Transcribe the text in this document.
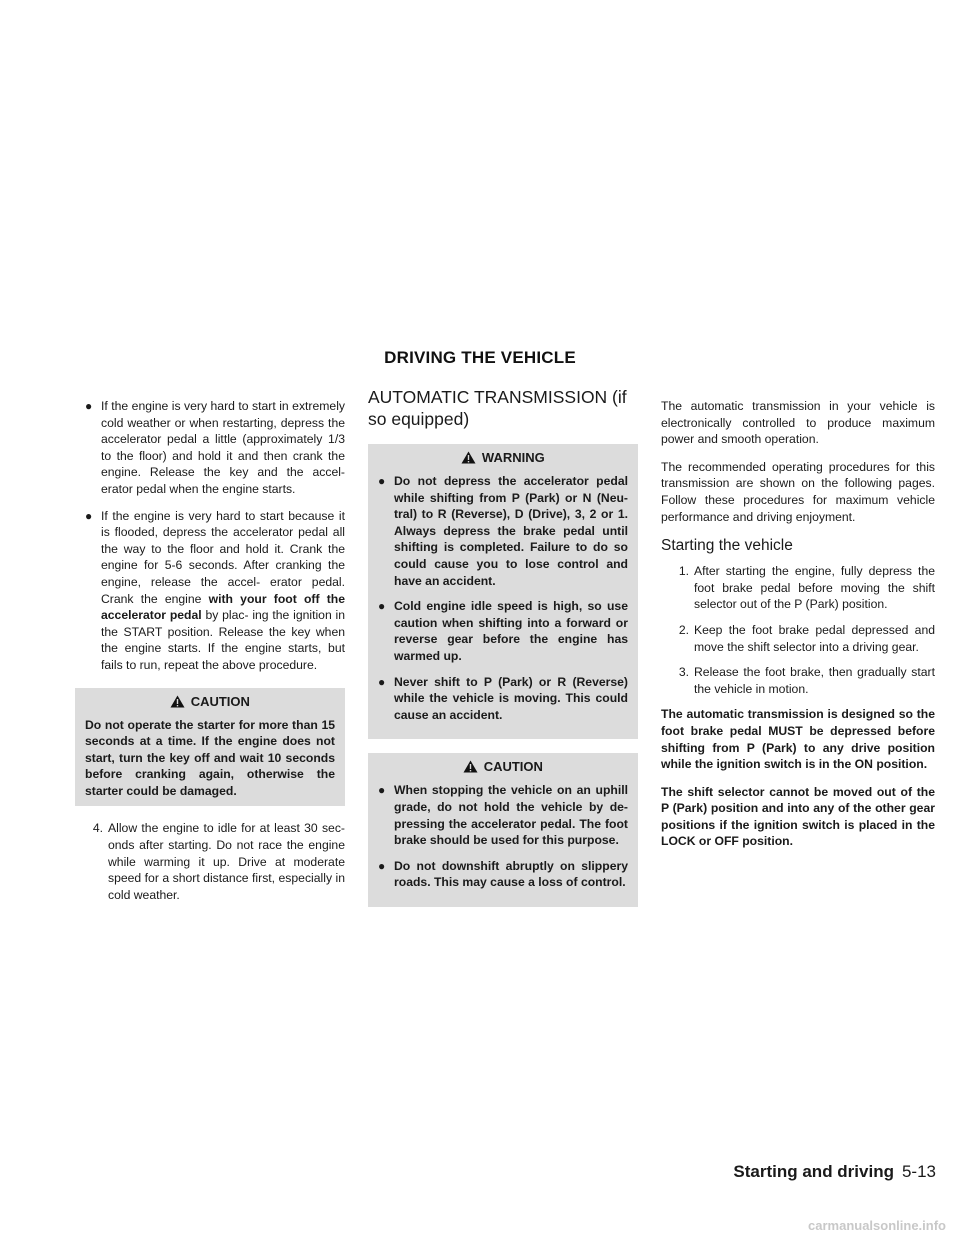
DRIVING THE VEHICLE
● If the engine is very hard to start in extremely cold weather or when restarting, depress the accelerator pedal a little (approximately 1/3 to the floor) and hold it and then crank the engine. Release the key and the accel- erator pedal when the engine starts.
● If the engine is very hard to start because it is flooded, depress the accelerator pedal all the way to the floor and hold it. Crank the engine for 5-6 seconds. After cranking the engine, release the accel- erator pedal. Crank the engine with your foot off the accelerator pedal by plac- ing the ignition in the START position. Release the key when the engine starts. If the engine starts, but fails to run, repeat the above procedure.
CAUTION
Do not operate the starter for more than 15 seconds at a time. If the engine does not start, turn the key off and wait 10 seconds before cranking again, otherwise the starter could be damaged.
4. Allow the engine to idle for at least 30 sec- onds after starting. Do not race the engine while warming it up. Drive at moderate speed for a short distance first, especially in cold weather.
AUTOMATIC TRANSMISSION (if so equipped)
WARNING
● Do not depress the accelerator pedal while shifting from P (Park) or N (Neu- tral) to R (Reverse), D (Drive), 3, 2 or 1. Always depress the brake pedal until shifting is completed. Failure to do so could cause you to lose control and have an accident.
● Cold engine idle speed is high, so use caution when shifting into a forward or reverse gear before the engine has warmed up.
● Never shift to P (Park) or R (Reverse) while the vehicle is moving. This could cause an accident.
CAUTION
● When stopping the vehicle on an uphill grade, do not hold the vehicle by de- pressing the accelerator pedal. The foot brake should be used for this purpose.
● Do not downshift abruptly on slippery roads. This may cause a loss of control.

The automatic transmission in your vehicle is electronically controlled to produce maximum power and smooth operation.

The recommended operating procedures for this transmission are shown on the following pages. Follow these procedures for maximum vehicle performance and driving enjoyment.

Starting the vehicle
1. After starting the engine, fully depress the foot brake pedal before moving the shift selector out of the P (Park) position.
2. Keep the foot brake pedal depressed and move the shift selector into a driving gear.
3. Release the foot brake, then gradually start the vehicle in motion.

The automatic transmission is designed so the foot brake pedal MUST be depressed before shifting from P (Park) to any drive position while the ignition switch is in the ON position.

The shift selector cannot be moved out of the P (Park) position and into any of the other gear positions if the ignition switch is placed in the LOCK or OFF position.

Starting and driving 5-13
carmanualsonline.info
